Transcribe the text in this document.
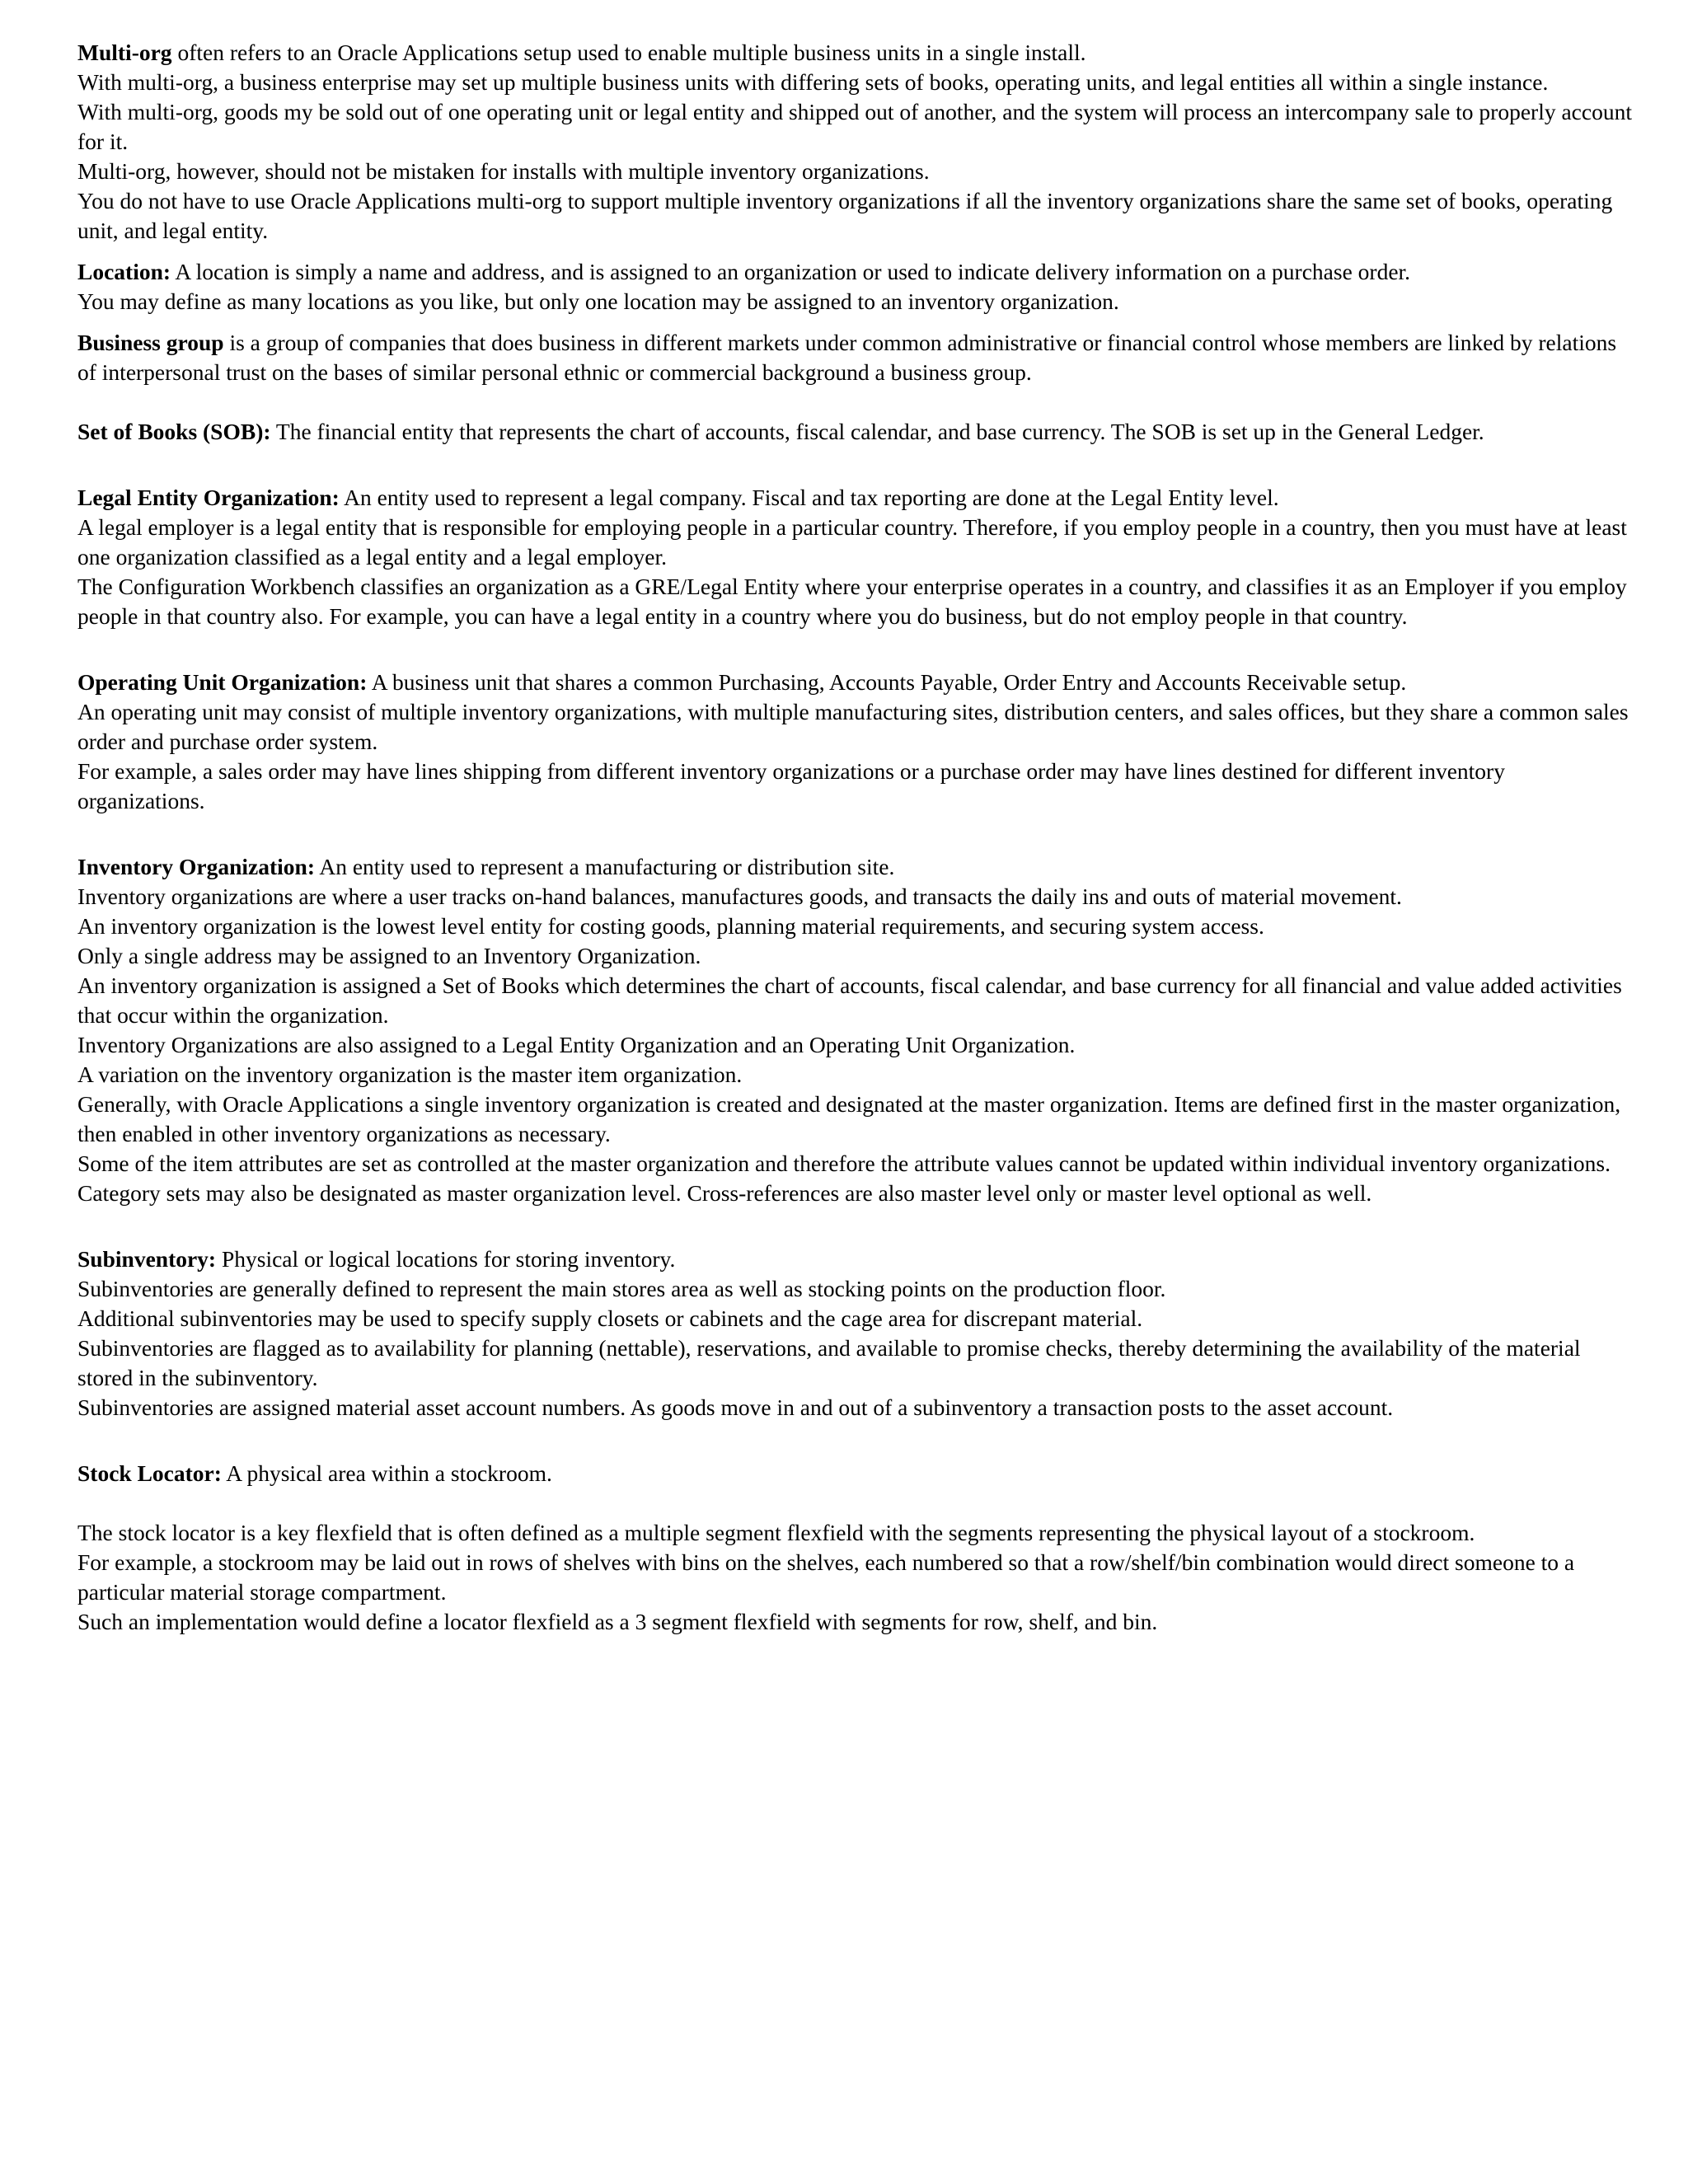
Multi-org often refers to an Oracle Applications setup used to enable multiple business units in a single install.

With multi-org, a business enterprise may set up multiple business units with differing sets of books, operating units, and legal entities all within a single instance.

With multi-org, goods my be sold out of one operating unit or legal entity and shipped out of another, and the system will process an intercompany sale to properly account for it.

Multi-org, however, should not be mistaken for installs with multiple inventory organizations.

You do not have to use Oracle Applications multi-org to support multiple inventory organizations if all the inventory organizations share the same set of books, operating unit, and legal entity.

Location: A location is simply a name and address, and is assigned to an organization or used to indicate delivery information on a purchase order.

You may define as many locations as you like, but only one location may be assigned to an inventory organization.

Business group is a group of companies that does business in different markets under common administrative or financial control whose members are linked by relations of interpersonal trust on the bases of similar personal ethnic or commercial background a business group.

Set of Books (SOB): The financial entity that represents the chart of accounts, fiscal calendar, and base currency. The SOB is set up in the General Ledger.

Legal Entity Organization: An entity used to represent a legal company. Fiscal and tax reporting are done at the Legal Entity level.

A legal employer is a legal entity that is responsible for employing people in a particular country. Therefore, if you employ people in a country, then you must have at least one organization classified as a legal entity and a legal employer.

The Configuration Workbench classifies an organization as a GRE/Legal Entity where your enterprise operates in a country, and classifies it as an Employer if you employ people in that country also. For example, you can have a legal entity in a country where you do business, but do not employ people in that country.

Operating Unit Organization: A business unit that shares a common Purchasing, Accounts Payable, Order Entry and Accounts Receivable setup.

An operating unit may consist of multiple inventory organizations, with multiple manufacturing sites, distribution centers, and sales offices, but they share a common sales order and purchase order system.

For example, a sales order may have lines shipping from different inventory organizations or a purchase order may have lines destined for different inventory organizations.

Inventory Organization: An entity used to represent a manufacturing or distribution site.

Inventory organizations are where a user tracks on-hand balances, manufactures goods, and transacts the daily ins and outs of material movement.

An inventory organization is the lowest level entity for costing goods, planning material requirements, and securing system access.

Only a single address may be assigned to an Inventory Organization.

An inventory organization is assigned a Set of Books which determines the chart of accounts, fiscal calendar, and base currency for all financial and value added activities that occur within the organization.

Inventory Organizations are also assigned to a Legal Entity Organization and an Operating Unit Organization.

A variation on the inventory organization is the master item organization.

Generally, with Oracle Applications a single inventory organization is created and designated at the master organization. Items are defined first in the master organization, then enabled in other inventory organizations as necessary.

Some of the item attributes are set as controlled at the master organization and therefore the attribute values cannot be updated within individual inventory organizations.

Category sets may also be designated as master organization level. Cross-references are also master level only or master level optional as well.

Subinventory: Physical or logical locations for storing inventory.

Subinventories are generally defined to represent the main stores area as well as stocking points on the production floor.

Additional subinventories may be used to specify supply closets or cabinets and the cage area for discrepant material.

Subinventories are flagged as to availability for planning (nettable), reservations, and available to promise checks, thereby determining the availability of the material stored in the subinventory.

Subinventories are assigned material asset account numbers. As goods move in and out of a subinventory a transaction posts to the asset account.

Stock Locator: A physical area within a stockroom.

The stock locator is a key flexfield that is often defined as a multiple segment flexfield with the segments representing the physical layout of a stockroom.

For example, a stockroom may be laid out in rows of shelves with bins on the shelves, each numbered so that a row/shelf/bin combination would direct someone to a particular material storage compartment.

Such an implementation would define a locator flexfield as a 3 segment flexfield with segments for row, shelf, and bin.
